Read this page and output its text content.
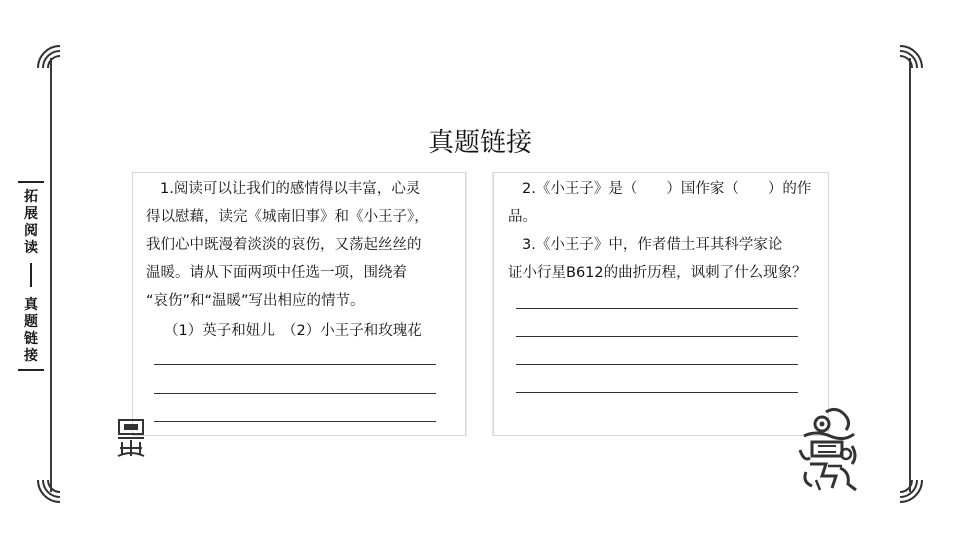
拓展阅读
真题链接
真题链接
1.阅读可以让我们的感情得以丰富，心灵
得以慰藉，读完《城南旧事》和《小王子》，
我们心中既漫着淡淡的哀伤，又荡起丝丝的
温暖。请从下面两项中任选一项，围绕着
“哀伤”和“温暖”写出相应的情节。
（1）英子和妞儿　（2）小王子和玫瑰花
2.《小王子》是（　　）国作家（　　）的作
品。
3.《小王子》中，作者借土耳其科学家论
证小行星B612的曲折历程，讽刺了什么现象？
